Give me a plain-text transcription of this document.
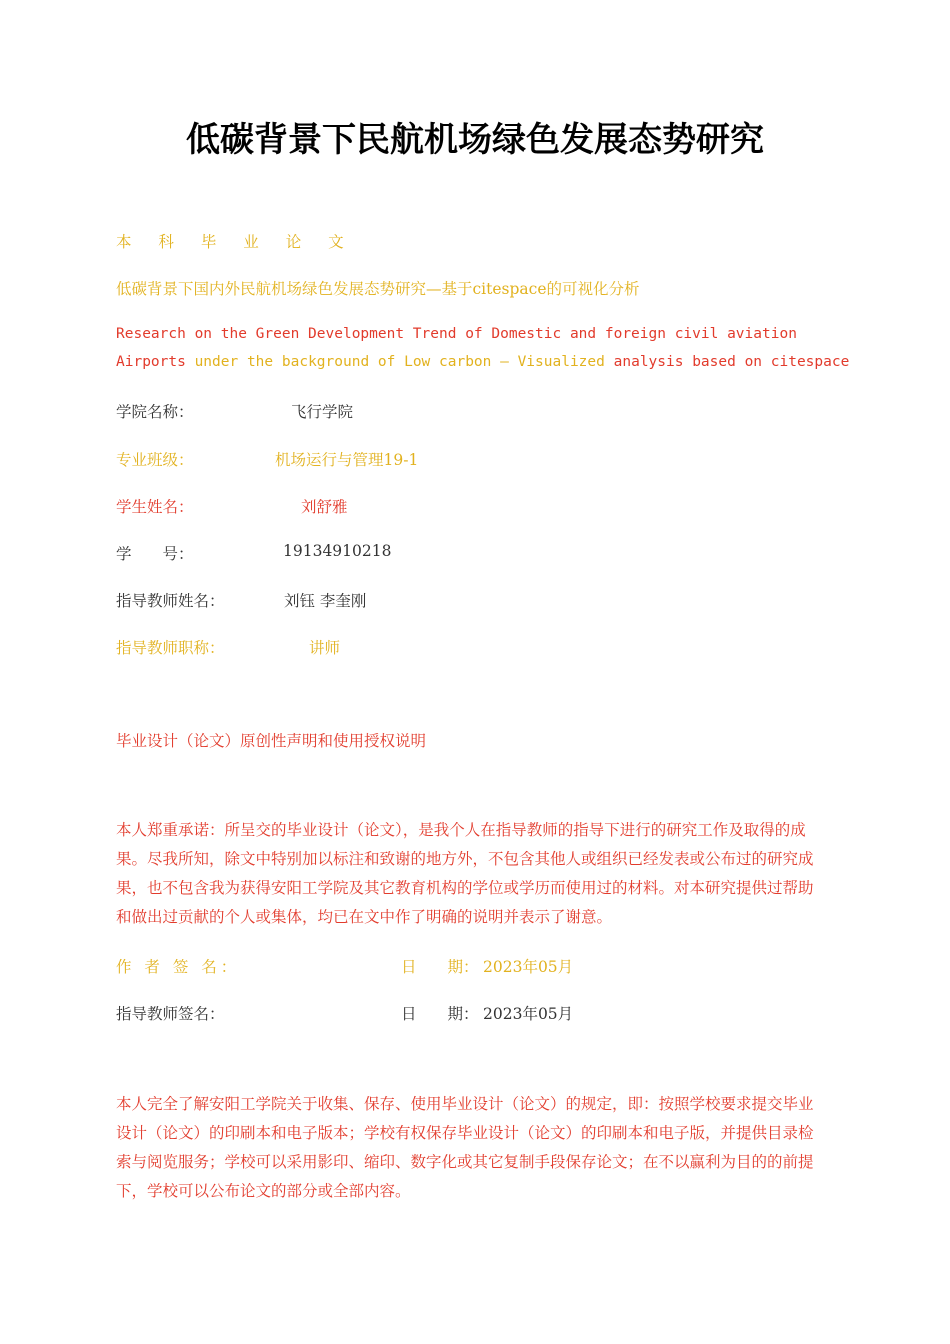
低碳背景下民航机场绿色发展态势研究
本 科 毕 业 论 文
低碳背景下国内外民航机场绿色发展态势研究—基于citespace的可视化分析
Research on the Green Development Trend of Domestic and foreign civil aviation
Airports under the background of Low carbon — Visualized analysis based on citespace
学院名称：	飞行学院
专业班级：	机场运行与管理19-1
学生姓名：	刘舒雅
学　　号：	19134910218
指导教师姓名：	刘钰 李奎刚
指导教师职称：	讲师
毕业设计（论文）原创性声明和使用授权说明
本人郑重承诺：所呈交的毕业设计（论文），是我个人在指导教师的指导下进行的研究工作及取得的成果。尽我所知，除文中特别加以标注和致谢的地方外，不包含其他人或组织已经发表或公布过的研究成果，也不包含我为获得安阳工学院及其它教育机构的学位或学历而使用过的材料。对本研究提供过帮助和做出过贡献的个人或集体，均已在文中作了明确的说明并表示了谢意。
作 者 签 名：	日　　期： 2023年05月
指导教师签名：	日　　期： 2023年05月
本人完全了解安阳工学院关于收集、保存、使用毕业设计（论文）的规定，即：按照学校要求提交毕业设计（论文）的印刷本和电子版本；学校有权保存毕业设计（论文）的印刷本和电子版，并提供目录检索与阅览服务；学校可以采用影印、缩印、数字化或其它复制手段保存论文；在不以赢利为目的的前提下，学校可以公布论文的部分或全部内容。
